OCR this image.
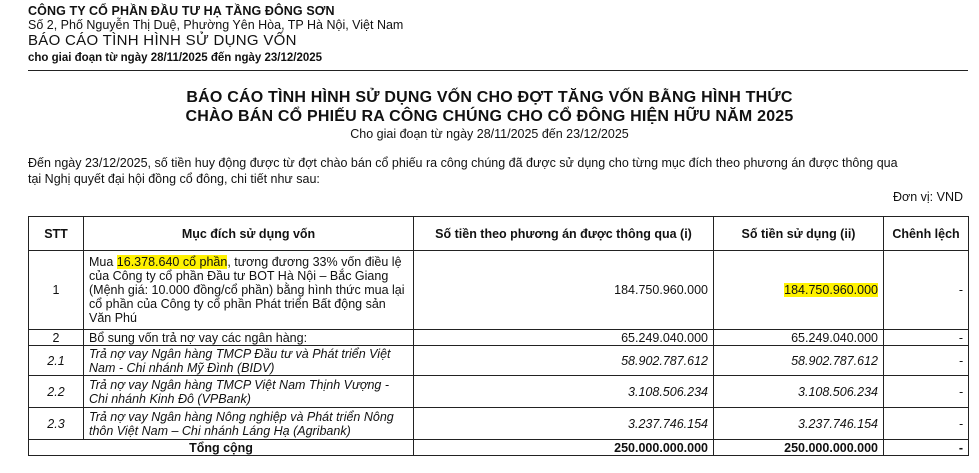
CÔNG TY CỔ PHẦN ĐẦU TƯ HẠ TẦNG ĐÔNG SƠN
Số 2, Phố Nguyễn Thị Duệ, Phường Yên Hòa, TP Hà Nội, Việt Nam
BÁO CÁO TÌNH HÌNH SỬ DỤNG VỐN
cho giai đoạn từ ngày 28/11/2025 đến ngày 23/12/2025
BÁO CÁO TÌNH HÌNH SỬ DỤNG VỐN CHO ĐỢT TĂNG VỐN BẰNG HÌNH THỨC
CHÀO BÁN CỔ PHIẾU RA CÔNG CHÚNG CHO CỔ ĐÔNG HIỆN HỮU NĂM 2025
Cho giai đoạn từ ngày 28/11/2025 đến 23/12/2025
Đến ngày 23/12/2025, số tiền huy động được từ đợt chào bán cổ phiếu ra công chúng đã được sử dụng cho từng mục đích theo phương án được thông qua
tại Nghị quyết đại hội đồng cổ đông, chi tiết như sau:
Đơn vị: VND
STT	Mục đích sử dụng vốn	Số tiền theo phương án được thông qua (i)	Số tiền sử dụng (ii)	Chênh lệch
1	Mua 16.378.640 cổ phần, tương đương 33% vốn điều lệ của Công ty cổ phần Đầu tư BOT Hà Nội – Bắc Giang (Mệnh giá: 10.000 đồng/cổ phần) bằng hình thức mua lại cổ phần của Công ty cổ phần Phát triển Bất động sản Văn Phú	184.750.960.000	184.750.960.000	-
2	Bổ sung vốn trả nợ vay các ngân hàng:	65.249.040.000	65.249.040.000	-
2.1	Trả nợ vay Ngân hàng TMCP Đầu tư và Phát triển Việt Nam - Chi nhánh Mỹ Đình (BIDV)	58.902.787.612	58.902.787.612	-
2.2	Trả nợ vay Ngân hàng TMCP Việt Nam Thịnh Vượng - Chi nhánh Kinh Đô (VPBank)	3.108.506.234	3.108.506.234	-
2.3	Trả nợ vay Ngân hàng Nông nghiệp và Phát triển Nông thôn Việt Nam – Chi nhánh Láng Hạ (Agribank)	3.237.746.154	3.237.746.154	-
Tổng cộng		250.000.000.000	250.000.000.000	-
